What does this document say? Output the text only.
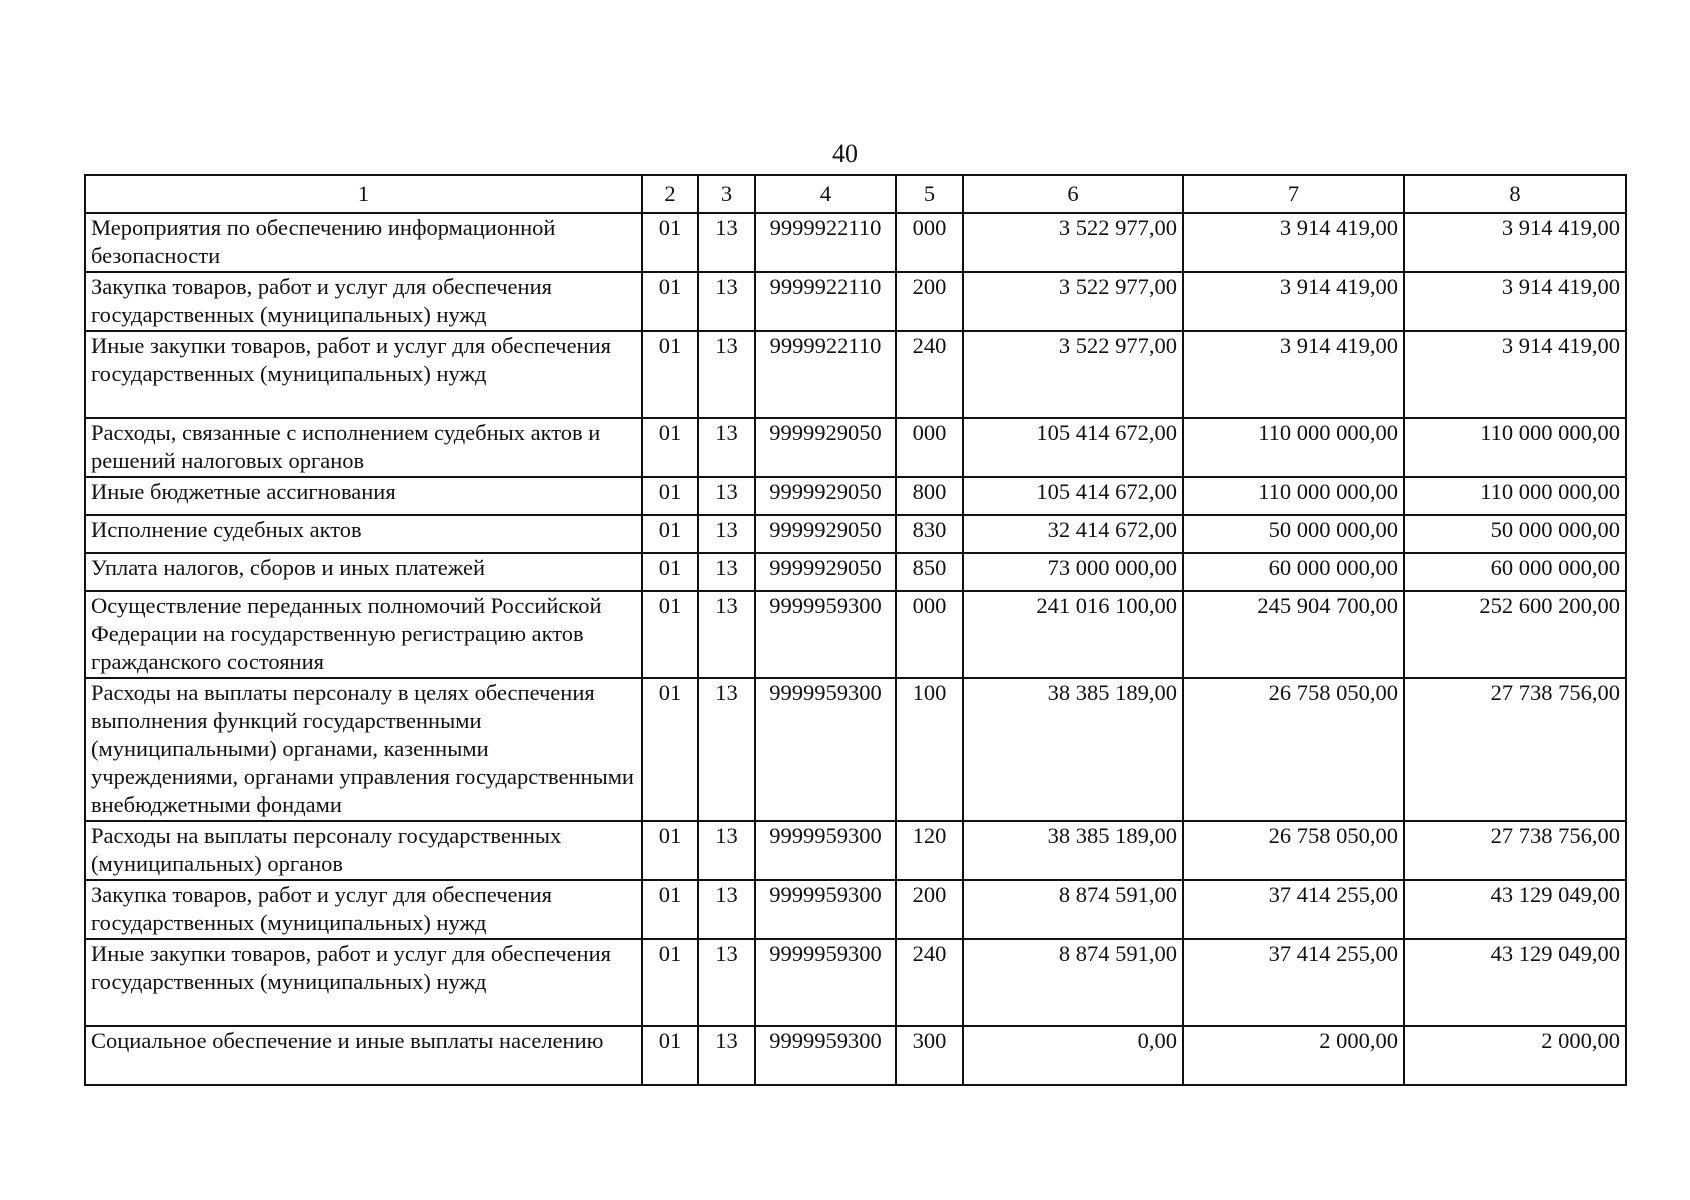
40
1	2	3	4	5	6	7	8
Мероприятия по обеспечению информационной безопасности	01	13	9999922110	000	3 522 977,00	3 914 419,00	3 914 419,00
Закупка товаров, работ и услуг для обеспечения государственных (муниципальных) нужд	01	13	9999922110	200	3 522 977,00	3 914 419,00	3 914 419,00
Иные закупки товаров, работ и услуг для обеспечения государственных (муниципальных) нужд	01	13	9999922110	240	3 522 977,00	3 914 419,00	3 914 419,00
Расходы, связанные с исполнением судебных актов и решений налоговых органов	01	13	9999929050	000	105 414 672,00	110 000 000,00	110 000 000,00
Иные бюджетные ассигнования	01	13	9999929050	800	105 414 672,00	110 000 000,00	110 000 000,00
Исполнение судебных актов	01	13	9999929050	830	32 414 672,00	50 000 000,00	50 000 000,00
Уплата налогов, сборов и иных платежей	01	13	9999929050	850	73 000 000,00	60 000 000,00	60 000 000,00
Осуществление переданных полномочий Российской Федерации на государственную регистрацию актов гражданского состояния	01	13	9999959300	000	241 016 100,00	245 904 700,00	252 600 200,00
Расходы на выплаты персоналу в целях обеспечения выполнения функций государственными (муниципальными) органами, казенными учреждениями, органами управления государственными внебюджетными фондами	01	13	9999959300	100	38 385 189,00	26 758 050,00	27 738 756,00
Расходы на выплаты персоналу государственных (муниципальных) органов	01	13	9999959300	120	38 385 189,00	26 758 050,00	27 738 756,00
Закупка товаров, работ и услуг для обеспечения государственных (муниципальных) нужд	01	13	9999959300	200	8 874 591,00	37 414 255,00	43 129 049,00
Иные закупки товаров, работ и услуг для обеспечения государственных (муниципальных) нужд	01	13	9999959300	240	8 874 591,00	37 414 255,00	43 129 049,00
Социальное обеспечение и иные выплаты населению	01	13	9999959300	300	0,00	2 000,00	2 000,00
